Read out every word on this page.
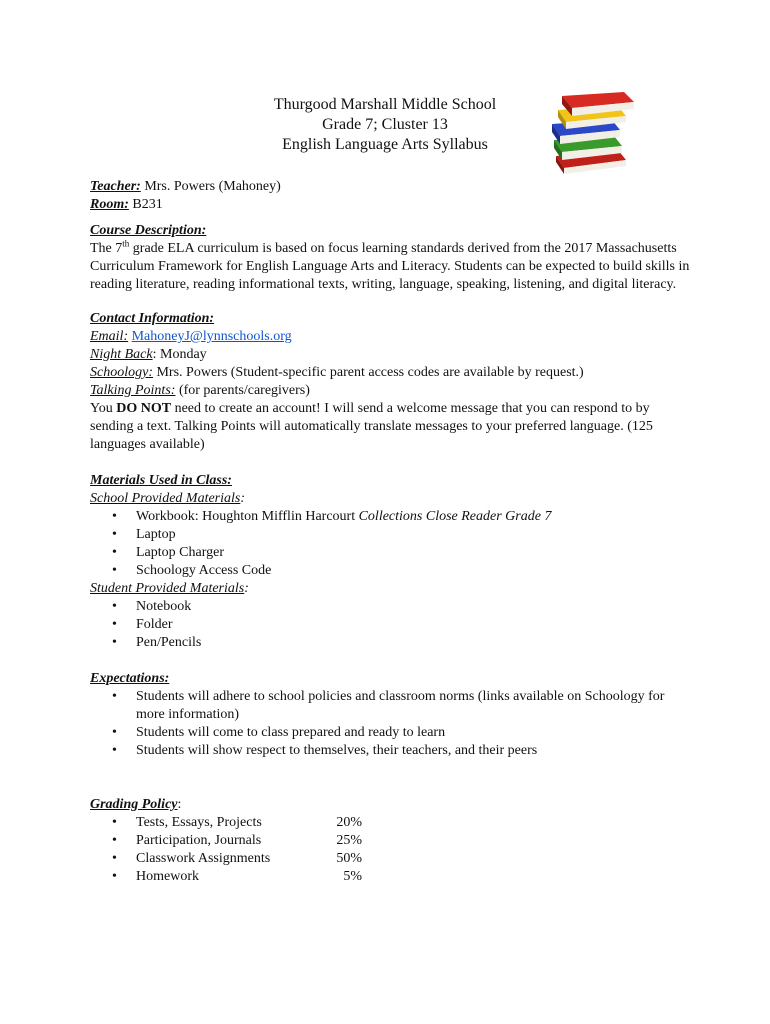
Thurgood Marshall Middle School
Grade 7; Cluster 13
English Language Arts Syllabus

Teacher: Mrs. Powers (Mahoney)

Room: B231

Course Description:

The 7th grade ELA curriculum is based on focus learning standards derived from the 2017 Massachusetts Curriculum Framework for English Language Arts and Literacy. Students can be expected to build skills in reading literature, reading informational texts, writing, language, speaking, listening, and digital literacy.

Contact Information:

Email: MahoneyJ@lynnschools.org

Night Back: Monday

Schoology: Mrs. Powers (Student-specific parent access codes are available by request.)

Talking Points: (for parents/caregivers)

You DO NOT need to create an account! I will send a welcome message that you can respond to by sending a text. Talking Points will automatically translate messages to your preferred language. (125 languages available)

Materials Used in Class:

School Provided Materials:

• Workbook: Houghton Mifflin Harcourt Collections Close Reader Grade 7
• Laptop
• Laptop Charger
• Schoology Access Code

Student Provided Materials:

• Notebook
• Folder
• Pen/Pencils

Expectations:

• Students will adhere to school policies and classroom norms (links available on Schoology for more information)
• Students will come to class prepared and ready to learn
• Students will show respect to themselves, their teachers, and their peers

Grading Policy:

• Tests, Essays, Projects	20%
• Participation, Journals	25%
• Classwork Assignments	50%
• Homework	5%
